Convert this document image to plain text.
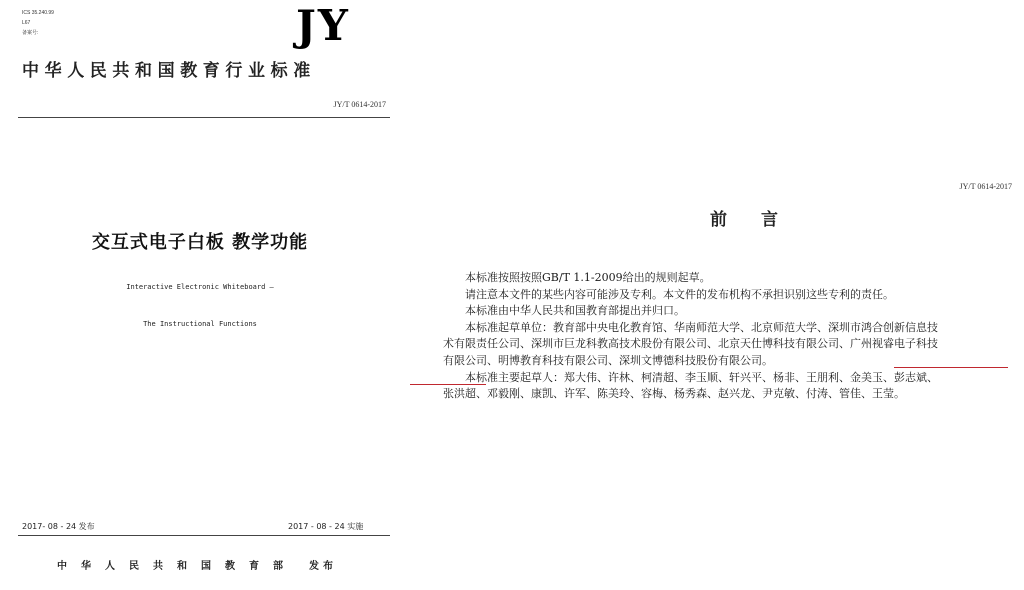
ICS 35.240.99
L67
备案号:	JY
中华人民共和国教育行业标准
JY/T 0614-2017
交互式电子白板 教学功能
Interactive Electronic Whiteboard —
The Instructional Functions
2017- 08 - 24 发布	2017 - 08 - 24 实施
中华人民共和国教育部 发布
JY/T 0614-2017
前言

本标准按照按照GB/T 1.1-2009给出的规则起草。

请注意本文件的某些内容可能涉及专利。本文件的发布机构不承担识别这些专利的责任。

本标准由中华人民共和国教育部提出并归口。

本标准起草单位：教育部中央电化教育馆、华南师范大学、北京师范大学、深圳市鸿合创新信息技

术有限责任公司、深圳市巨龙科教高技术股份有限公司、北京天仕博科技有限公司、广州视睿电子科技

有限公司、明博教育科技有限公司、深圳文博德科技股份有限公司。

本标准主要起草人：郑大伟、许林、柯清超、李玉顺、轩兴平、杨非、王朋利、金美玉、彭志斌、

张洪超、邓毅刚、康凯、许军、陈美玲、容梅、杨秀森、赵兴龙、尹克敏、付涛、管佳、王莹。
